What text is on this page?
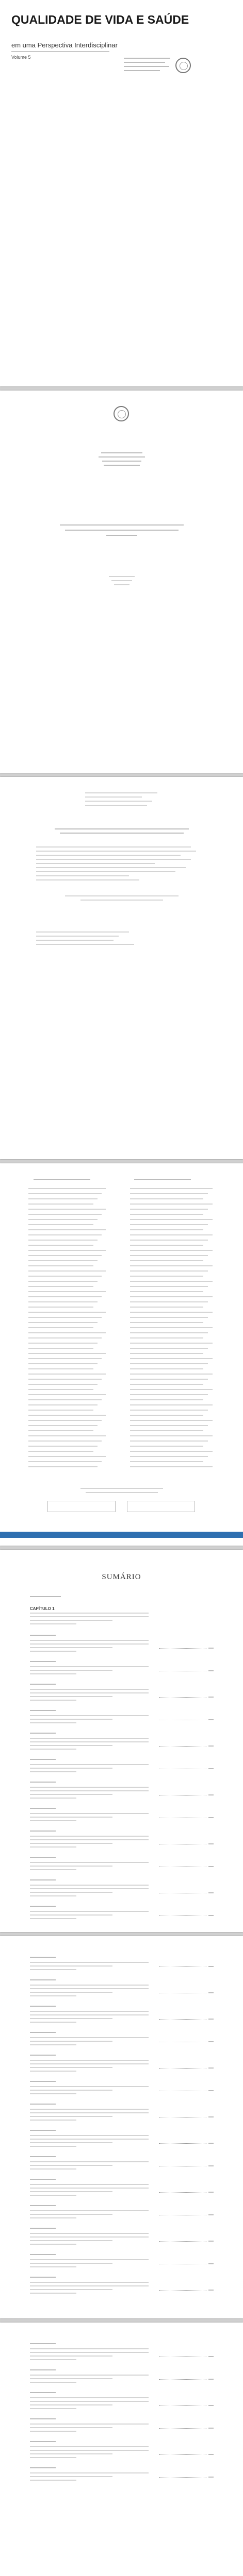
QUALIDADE DE VIDA E SAÚDE
em uma Perspectiva Interdisciplinar
Volume 5
SUMÁRIO
CAPÍTULO 1
